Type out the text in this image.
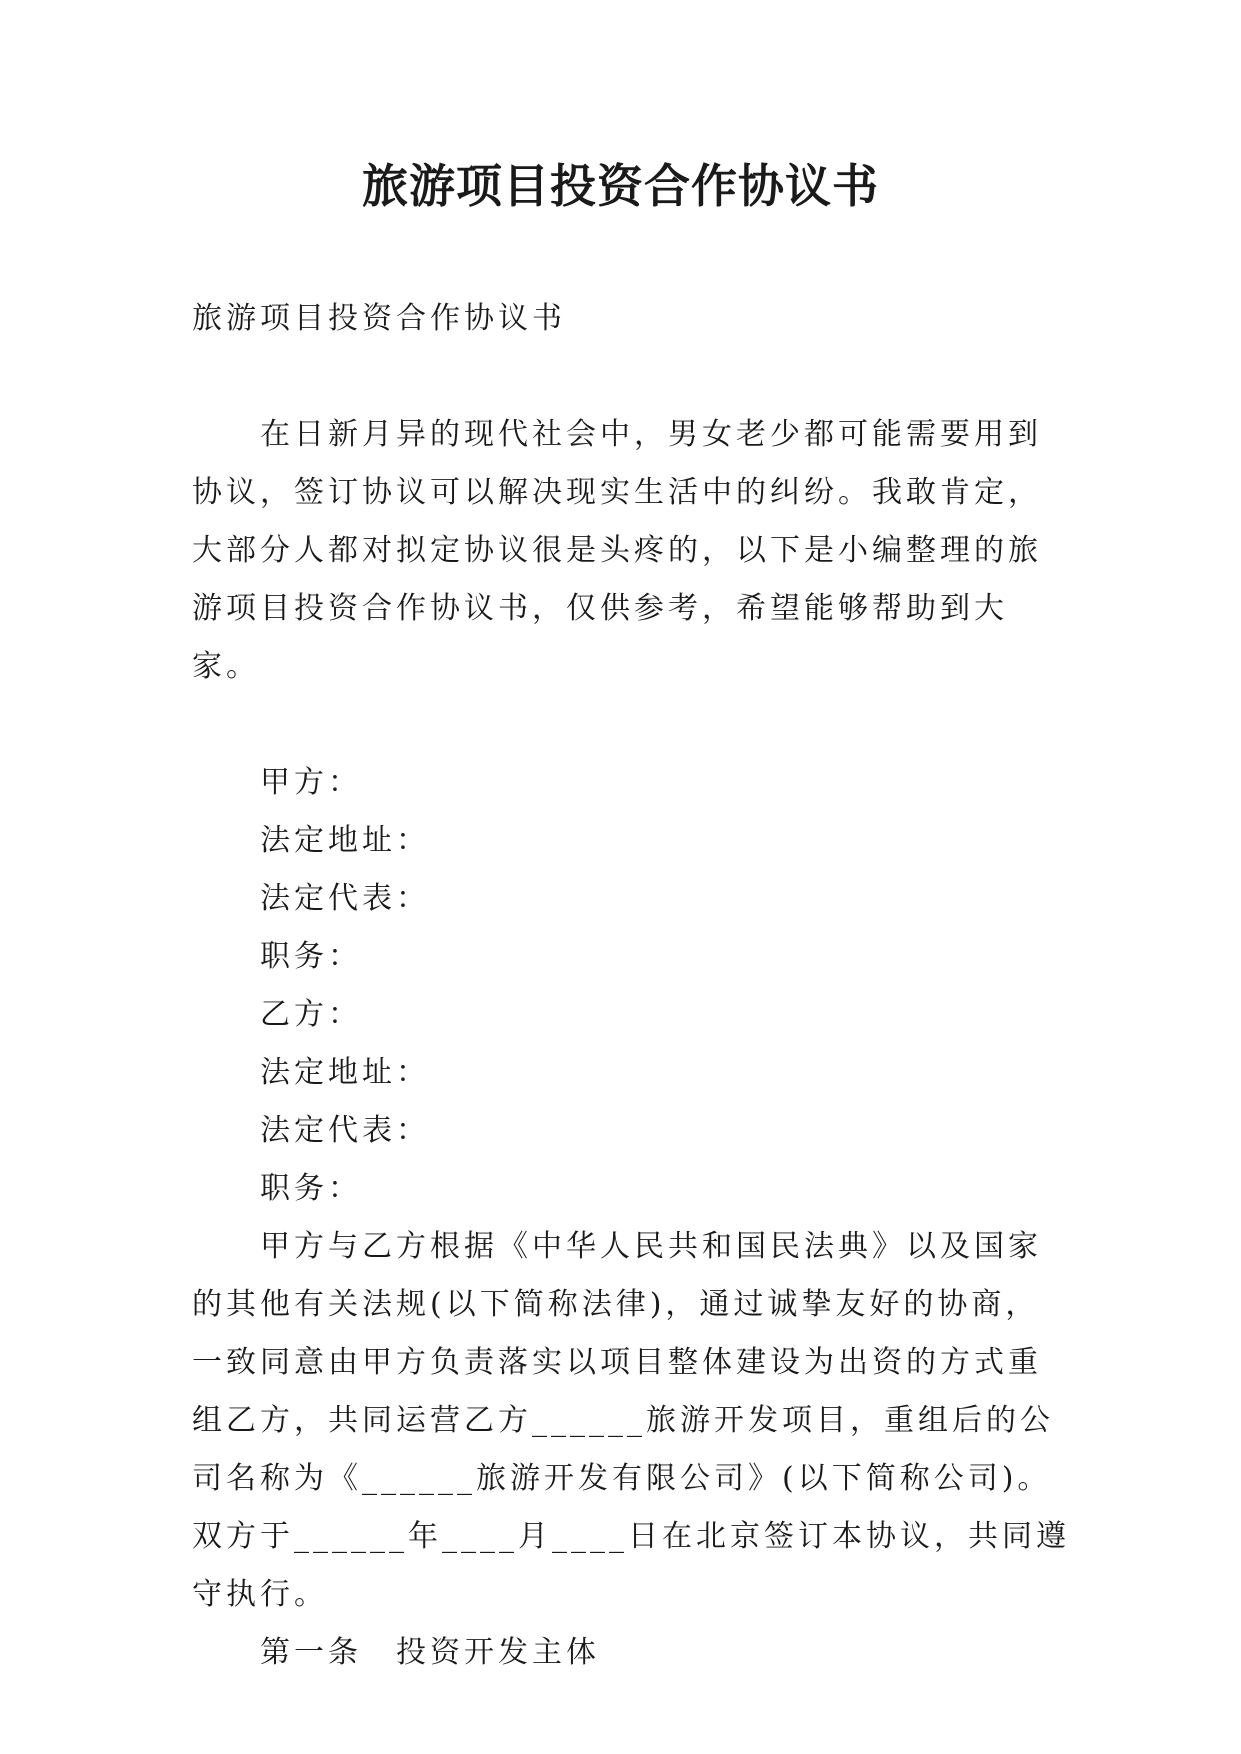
旅游项目投资合作协议书

旅游项目投资合作协议书

在日新月异的现代社会中，男女老少都可能需要用到协议，签订协议可以解决现实生活中的纠纷。我敢肯定，大部分人都对拟定协议很是头疼的，以下是小编整理的旅游项目投资合作协议书，仅供参考，希望能够帮助到大家。

甲方：

法定地址：

法定代表：

职务：

乙方：

法定地址：

法定代表：

职务：

甲方与乙方根据《中华人民共和国民法典》以及国家的其他有关法规(以下简称法律)，通过诚挚友好的协商，一致同意由甲方负责落实以项目整体建设为出资的方式重组乙方，共同运营乙方______旅游开发项目，重组后的公司名称为《______旅游开发有限公司》(以下简称公司)。 双方于______年____月____日在北京签订本协议，共同遵守执行。

第一条　投资开发主体
